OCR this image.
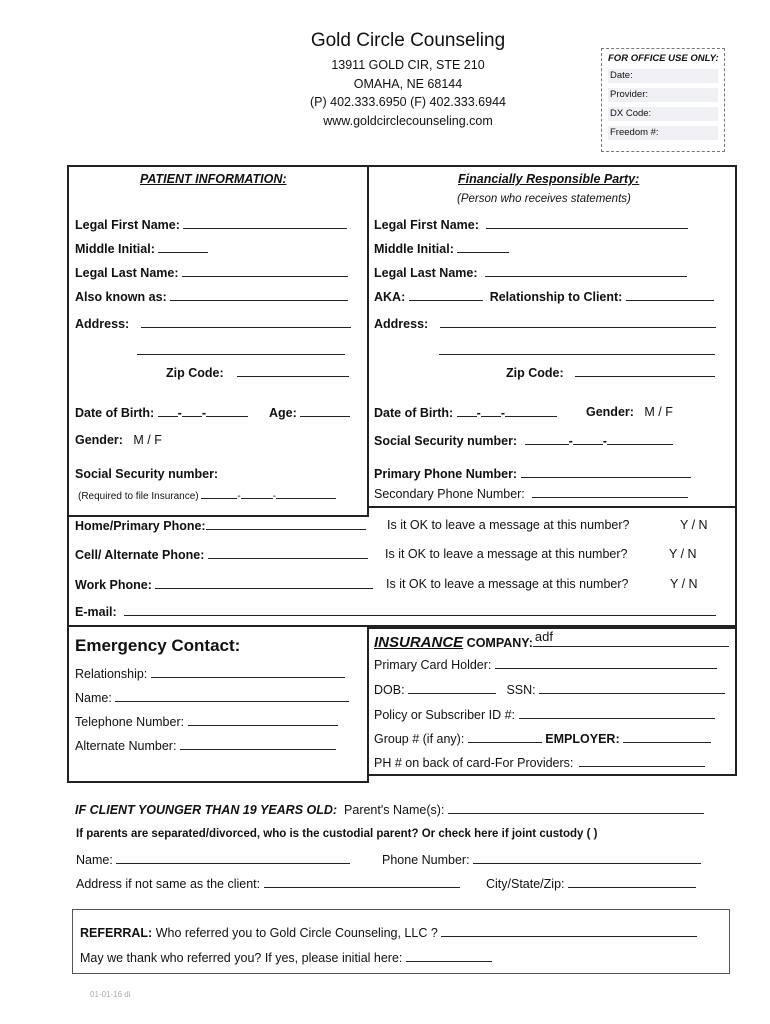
Gold Circle Counseling
13911 GOLD CIR, STE 210
OMAHA, NE 68144
(P) 402.333.6950 (F) 402.333.6944
www.goldcirclecounseling.com
FOR OFFICE USE ONLY:
Date:
Provider:
DX Code:
Freedom #:
PATIENT INFORMATION:
Legal First Name:
Middle Initial:
Legal Last Name:
Also known as:
Address:
Zip Code:
Date of Birth: - -	Age:
Gender: M / F
Social Security number:
(Required to file Insurance)	-	-
Financially Responsible Party:
(Person who receives statements)
Legal First Name:
Middle Initial:
Legal Last Name:
AKA:	Relationship to Client:
Address:
Zip Code:
Date of Birth: - -	Gender: M / F
Social Security number:	- -
Primary Phone Number:
Secondary Phone Number:
Home/Primary Phone:	Is it OK to leave a message at this number?	Y / N
Cell/ Alternate Phone:	Is it OK to leave a message at this number?	Y / N
Work Phone:	Is it OK to leave a message at this number?	Y / N
E-mail:
Emergency Contact:
Relationship:
Name:
Telephone Number:
Alternate Number:
INSURANCE COMPANY: adf
Primary Card Holder:
DOB:	SSN:
Policy or Subscriber ID #:
Group # (if any):	EMPLOYER:
PH # on back of card-For Providers:
IF CLIENT YOUNGER THAN 19 YEARS OLD: Parent's Name(s):
If parents are separated/divorced, who is the custodial parent? Or check here if joint custody ( )
Name:	Phone Number:
Address if not same as the client:	City/State/Zip:
REFERRAL: Who referred you to Gold Circle Counseling, LLC ?
May we thank who referred you? If yes, please initial here:
01-01-16 di
